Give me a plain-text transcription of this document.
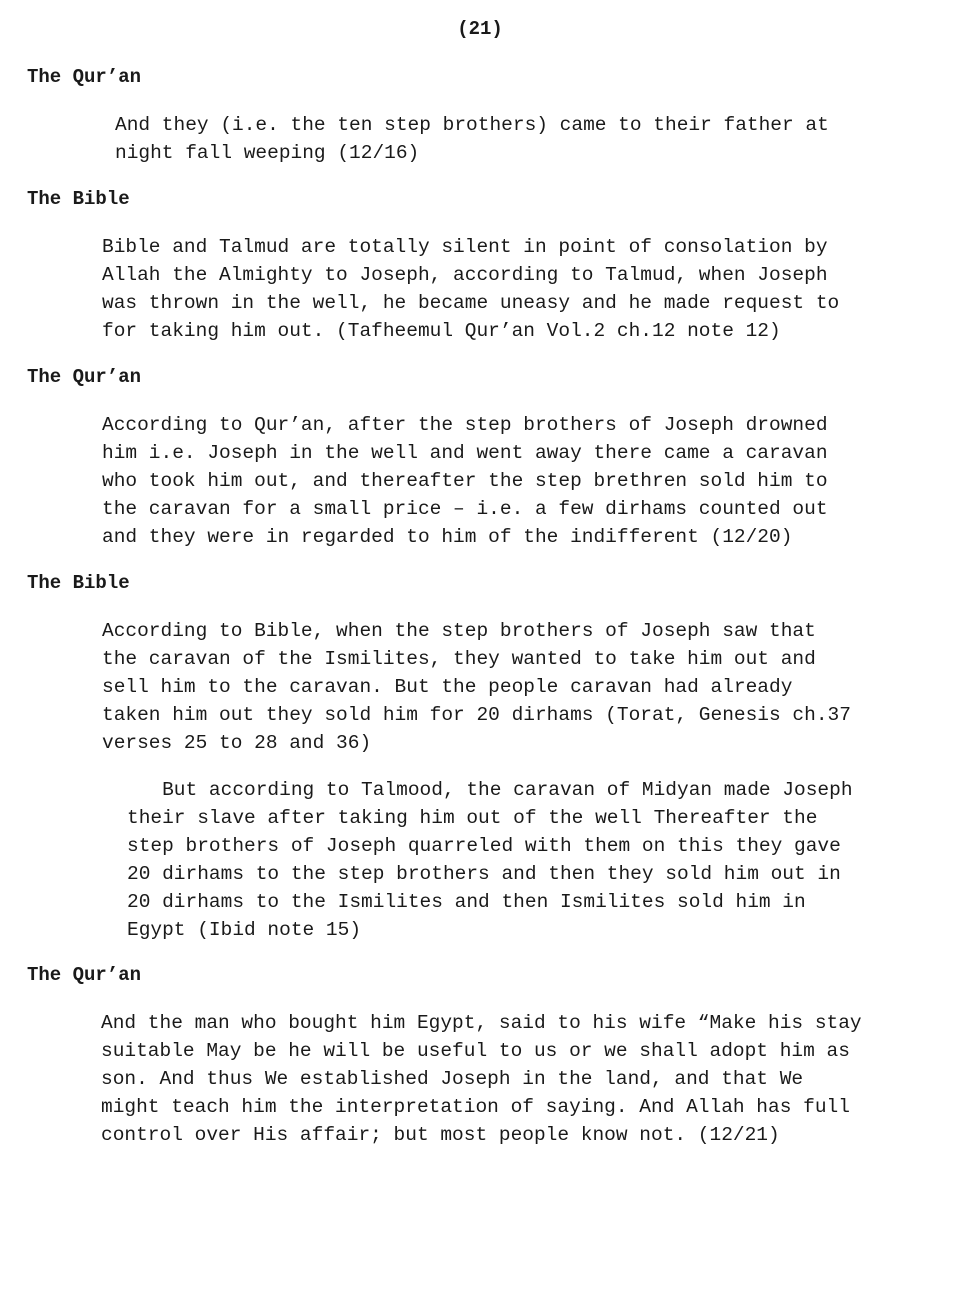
(21)
The Qur’an

And they (i.e. the ten step brothers) came to their father at
night fall weeping (12/16)

The Bible

Bible and Talmud are totally silent in point of consolation by
Allah the Almighty to Joseph, according to Talmud, when Joseph
was thrown in the well, he became uneasy and he made request to
for taking him out. (Tafheemul Qur’an Vol.2 ch.12 note 12)

The Qur’an

According to Qur’an, after the step brothers of Joseph drowned
him i.e. Joseph in the well and went away there came a caravan
who took him out, and thereafter the step brethren sold him to
the caravan for a small price – i.e. a few dirhams counted out
and they were in regarded to him of the indifferent (12/20)

The Bible

According to Bible, when the step brothers of Joseph saw that
the caravan of the Ismilites, they wanted to take him out and
sell him to the caravan. But the people caravan had already
taken him out they sold him for 20 dirhams (Torat, Genesis ch.37
verses 25 to 28 and 36)

But according to Talmood, the caravan of Midyan made Joseph
their slave after taking him out of the well Thereafter the
step brothers of Joseph quarreled with them on this they gave
20 dirhams to the step brothers and then they sold him out in
20 dirhams to the Ismilites and then Ismilites sold him in
Egypt (Ibid note 15)

The Qur’an

And the man who bought him Egypt, said to his wife “Make his stay
suitable May be he will be useful to us or we shall adopt him as
son. And thus We established Joseph in the land, and that We
might teach him the interpretation of saying. And Allah has full
control over His affair; but most people know not. (12/21)
